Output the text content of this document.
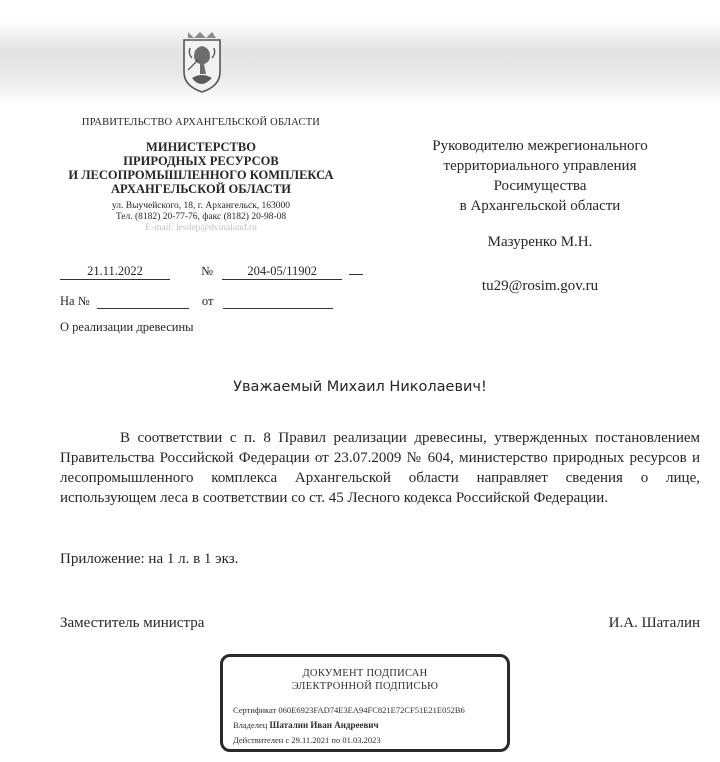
ПРАВИТЕЛЬСТВО АРХАНГЕЛЬСКОЙ ОБЛАСТИ
МИНИСТЕРСТВО
ПРИРОДНЫХ РЕСУРСОВ
И ЛЕСОПРОМЫШЛЕННОГО КОМПЛЕКСА
АРХАНГЕЛЬСКОЙ ОБЛАСТИ
ул. Выучейского, 18, г. Архангельск, 163000
Тел. (8182) 20-77-76, факс (8182) 20-98-08
E-mail: lesdep@dvinaland.ru
21.11.2022	№	204-05/11902
На №	от
О реализации древесины
Руководителю межрегионального
территориального управления
Росимущества
в Архангельской области
Мазуренко М.Н.
tu29@rosim.gov.ru
Уважаемый Михаил Николаевич!
В соответствии с п. 8 Правил реализации древесины, утвержденных постановлением Правительства Российской Федерации от 23.07.2009 № 604, министерство природных ресурсов и лесопромышленного комплекса Архангельской области направляет сведения о лице, использующем леса в соответствии со ст. 45 Лесного кодекса Российской Федерации.
Приложение: на 1 л. в 1 экз.
Заместитель министра	И.А. Шаталин
ДОКУМЕНТ ПОДПИСАН
ЭЛЕКТРОННОЙ ПОДПИСЬЮ
Сертификат 060E6923FAD74E3EA94FC821E72CF51E21E052B6
Владелец Шаталин Иван Андреевич
Действителен с 29.11.2021 по 01.03.2023
